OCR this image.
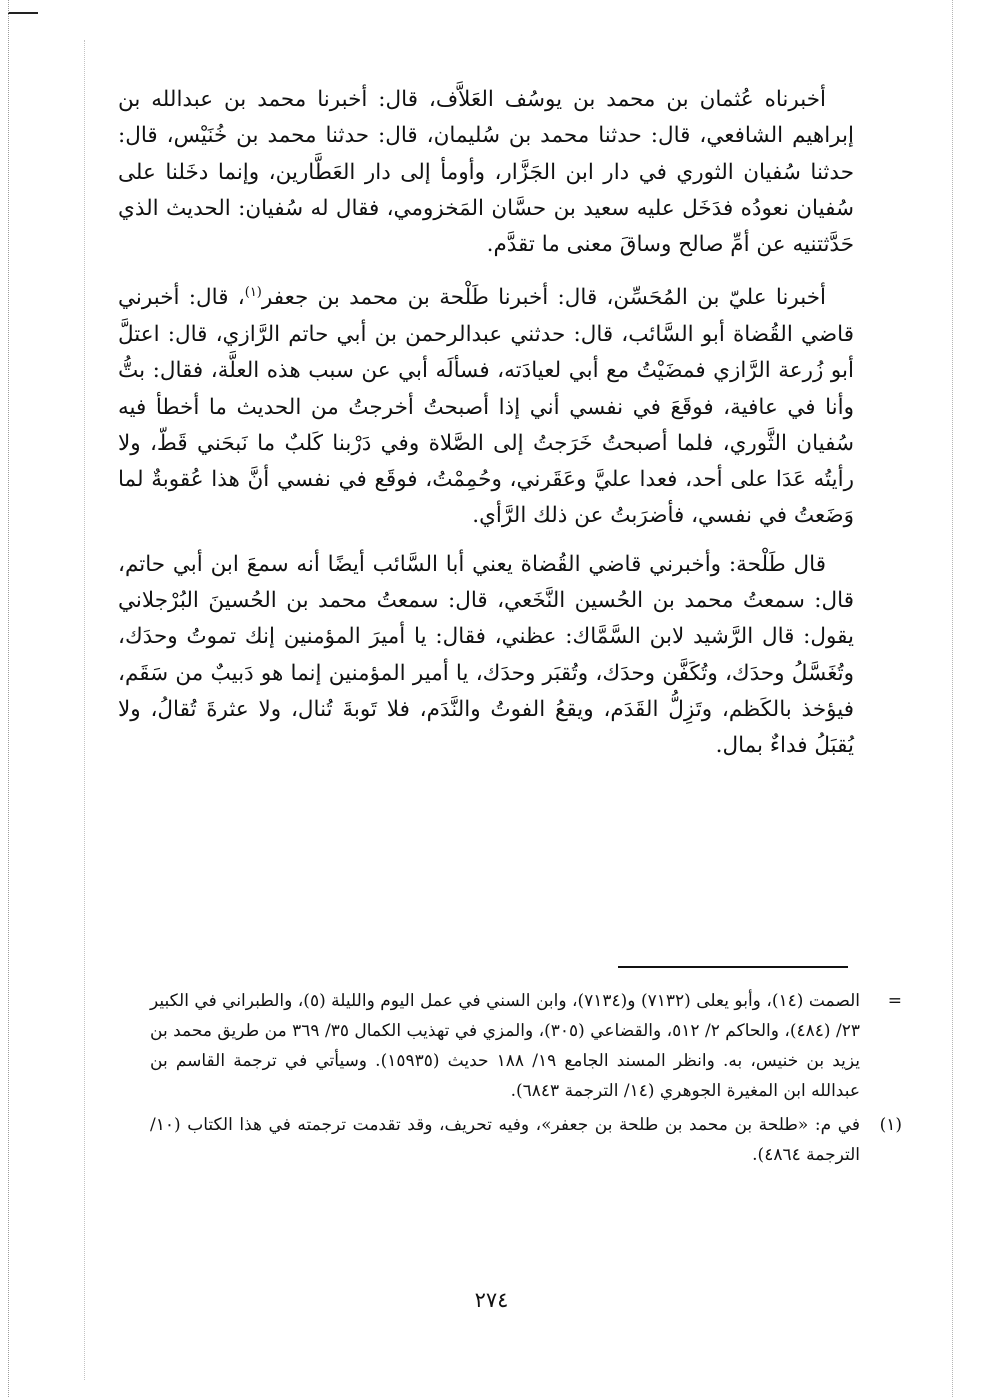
أخبرناه عُثمان بن محمد بن يوسُف العَلاَّف، قال: أخبرنا محمد بن عبدالله بن إبراهيم الشافعي، قال: حدثنا محمد بن سُليمان، قال: حدثنا محمد بن خُنَيْس، قال: حدثنا سُفيان الثوري في دار ابن الجَزَّار، وأومأ إلى دار العَطَّارين، وإنما دخَلنا على سُفيان نعودُه فدَخَل عليه سعيد بن حسَّان المَخزومي، فقال له سُفيان: الحديث الذي حَدَّثتنيه عن أمِّ صالح وساقَ معنى ما تقدَّم.

أخبرنا عليّ بن المُحَسِّن، قال: أخبرنا طَلْحة بن محمد بن جعفر$^{(١)}$، قال: أخبرني قاضي القُضاة أبو السَّائب، قال: حدثني عبدالرحمن بن أبي حاتم الرَّازي، قال: اعتلَّ أبو زُرعة الرَّازي فمضَيْتُ مع أبي لعيادَته، فسألَه أبي عن سبب هذه العلَّة، فقال: بتُّ وأنا في عافية، فوقَعَ في نفسي أني إذا أصبحتُ أخرجتُ من الحديث ما أخطأ فيه سُفيان الثَّوري، فلما أصبحتُ خَرَجتُ إلى الصَّلاة وفي دَرْبنا كَلبٌ ما نَبحَني قَطّ، ولا رأيتُه عَدَا على أحد، فعدا عليَّ وعَقَرني، وحُمِمْتُ، فوقَع في نفسي أنَّ هذا عُقوبةٌ لما وَضَعتُ في نفسي، فأضرَبتُ عن ذلك الرَّأي.

قال طَلْحة: وأخبرني قاضي القُضاة يعني أبا السَّائب أيضًا أنه سمعَ ابن أبي حاتم، قال: سمعتُ محمد بن الحُسين النَّخَعي، قال: سمعتُ محمد بن الحُسينَ البُرْجلاني يقول: قال الرَّشيد لابن السَّمَّاك: عظني، فقال: يا أميرَ المؤمنين إنك تموتُ وحدَك، وتُغَسَّلُ وحدَك، وتُكَفَّن وحدَك، وتُقبَر وحدَك، يا أمير المؤمنين إنما هو دَبيبٌ من سَقَم، فيؤخذ بالكَظم، وتَزِلُّ القَدَم، ويقعُ الفوتُ والنَّدَم، فلا تَوبةَ تُنال، ولا عثرةَ تُقالُ، ولا يُقبَلُ فداءٌ بمال.

=
الصمت (١٤)، وأبو يعلى (٧١٣٢) و(٧١٣٤)، وابن السني في عمل اليوم والليلة (٥)، والطبراني في الكبير ٢٣/ (٤٨٤)، والحاكم ٢/ ٥١٢، والقضاعي (٣٠٥)، والمزي في تهذيب الكمال ٣٥/ ٣٦٩ من طريق محمد بن يزيد بن خنيس، به. وانظر المسند الجامع ١٩/ ١٨٨ حديث (١٥٩٣٥). وسيأتي في ترجمة القاسم بن عبدالله ابن المغيرة الجوهري (١٤/ الترجمة ٦٨٤٣).
(١)
في م: «طلحة بن محمد بن طلحة بن جعفر»، وفيه تحريف، وقد تقدمت ترجمته في هذا الكتاب (١٠/ الترجمة ٤٨٦٤).
٢٧٤
